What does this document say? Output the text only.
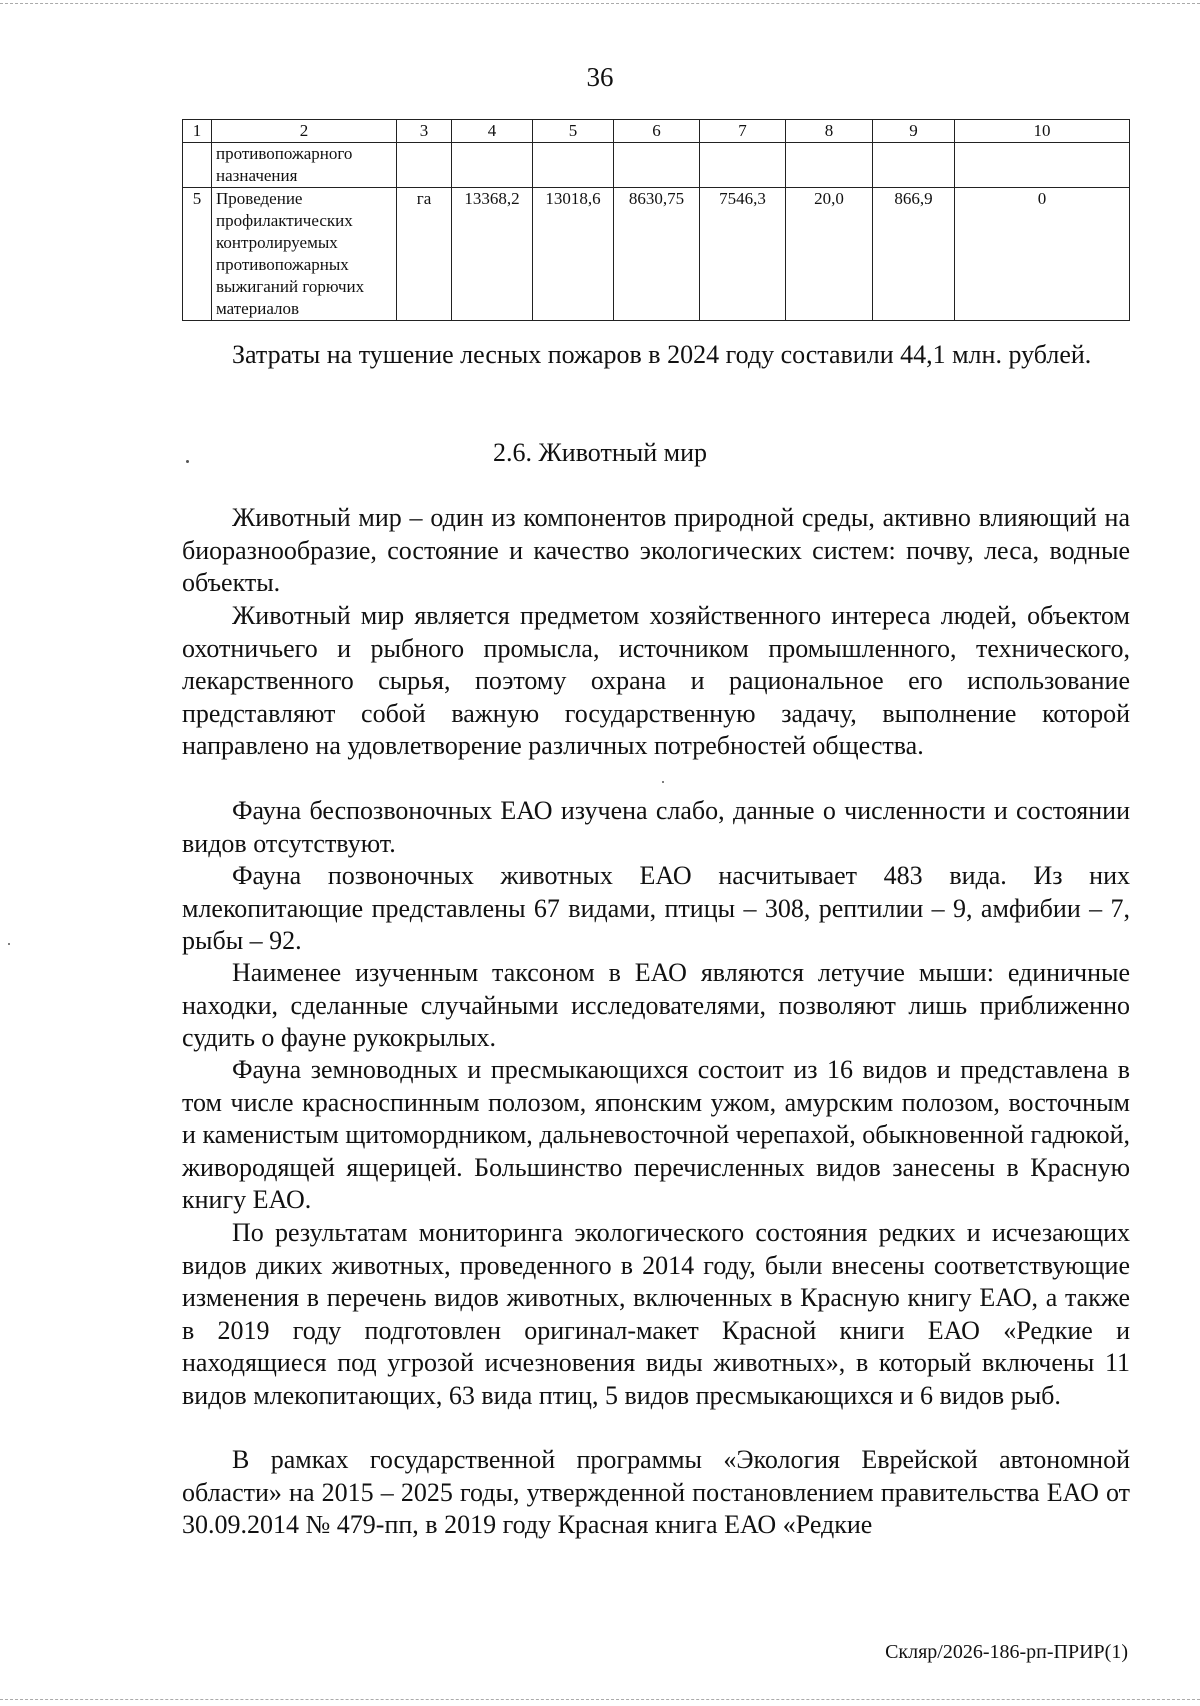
36
1	2	3	4	5	6	7	8	9	10
	противопожарного назначения								
5	Проведение профилактических контролируемых противопожарных выжиганий горючих материалов	га	13368,2	13018,6	8630,75	7546,3	20,0	866,9	0

Затраты на тушение лесных пожаров в 2024 году составили 44,1 млн. рублей.

2.6. Животный мир

Животный мир – один из компонентов природной среды, активно влияющий на биоразнообразие, состояние и качество экологических систем: почву, леса, водные объекты.

Животный мир является предметом хозяйственного интереса людей, объектом охотничьего и рыбного промысла, источником промышленного, технического, лекарственного сырья, поэтому охрана и рациональное его использование представляют собой важную государственную задачу, выполнение которой направлено на удовлетворение различных потребностей общества.

Фауна беспозвоночных ЕАО изучена слабо, данные о численности и состоянии видов отсутствуют.

Фауна позвоночных животных ЕАО насчитывает 483 вида. Из них млекопитающие представлены 67 видами, птицы – 308, рептилии – 9, амфибии – 7, рыбы – 92.

Наименее изученным таксоном в ЕАО являются летучие мыши: единичные находки, сделанные случайными исследователями, позволяют лишь приближенно судить о фауне рукокрылых.

Фауна земноводных и пресмыкающихся состоит из 16 видов и представлена в том числе красноспинным полозом, японским ужом, амурским полозом, восточным и каменистым щитомордником, дальневосточной черепахой, обыкновенной гадюкой, живородящей ящерицей. Большинство перечисленных видов занесены в Красную книгу ЕАО.

По результатам мониторинга экологического состояния редких и исчезающих видов диких животных, проведенного в 2014 году, были внесены соответствующие изменения в перечень видов животных, включенных в Красную книгу ЕАО, а также в 2019 году подготовлен оригинал-макет Красной книги ЕАО «Редкие и находящиеся под угрозой исчезновения виды животных», в который включены 11 видов млекопитающих, 63 вида птиц, 5 видов пресмыкающихся и 6 видов рыб.

В рамках государственной программы «Экология Еврейской автономной области» на 2015 – 2025 годы, утвержденной постановлением правительства ЕАО от 30.09.2014 № 479-пп, в 2019 году Красная книга ЕАО «Редкие

Скляр/2026-186-рп-ПРИР(1)
